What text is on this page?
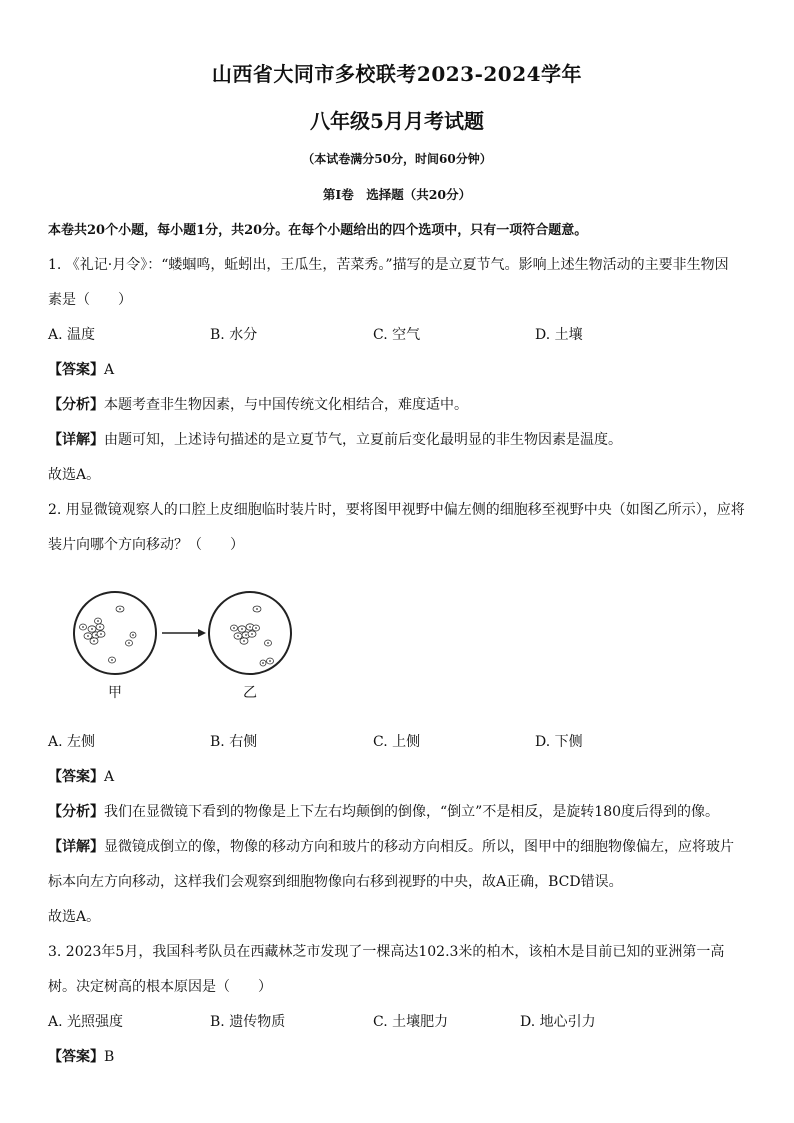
山西省大同市多校联考2023-2024学年
八年级5月月考试题
（本试卷满分50分，时间60分钟）
第Ⅰ卷　选择题（共20分）
本卷共20个小题，每小题1分，共20分。在每个小题给出的四个选项中，只有一项符合题意。
1. 《礼记·月令》：“蝼蝈鸣，蚯蚓出，王瓜生，苦菜秀。”描写的是立夏节气。影响上述生物活动的主要非生物因
素是（　　）
A. 温度	B. 水分	C. 空气	D. 土壤
【答案】A
【分析】本题考查非生物因素，与中国传统文化相结合，难度适中。
【详解】由题可知，上述诗句描述的是立夏节气，立夏前后变化最明显的非生物因素是温度。
故选A。
2. 用显微镜观察人的口腔上皮细胞临时装片时，要将图甲视野中偏左侧的细胞移至视野中央（如图乙所示），应将
装片向哪个方向移动？（　　）
甲	乙
A. 左侧	B. 右侧	C. 上侧	D. 下侧
【答案】A
【分析】我们在显微镜下看到的物像是上下左右均颠倒的倒像，“倒立”不是相反，是旋转180度后得到的像。
【详解】显微镜成倒立的像，物像的移动方向和玻片的移动方向相反。所以，图甲中的细胞物像偏左，应将玻片
标本向左方向移动，这样我们会观察到细胞物像向右移到视野的中央，故A正确，BCD错误。
故选A。
3. 2023年5月，我国科考队员在西藏林芝市发现了一棵高达102.3米的柏木，该柏木是目前已知的亚洲第一高
树。决定树高的根本原因是（　　）
A. 光照强度	B. 遗传物质	C. 土壤肥力	D. 地心引力
【答案】B
